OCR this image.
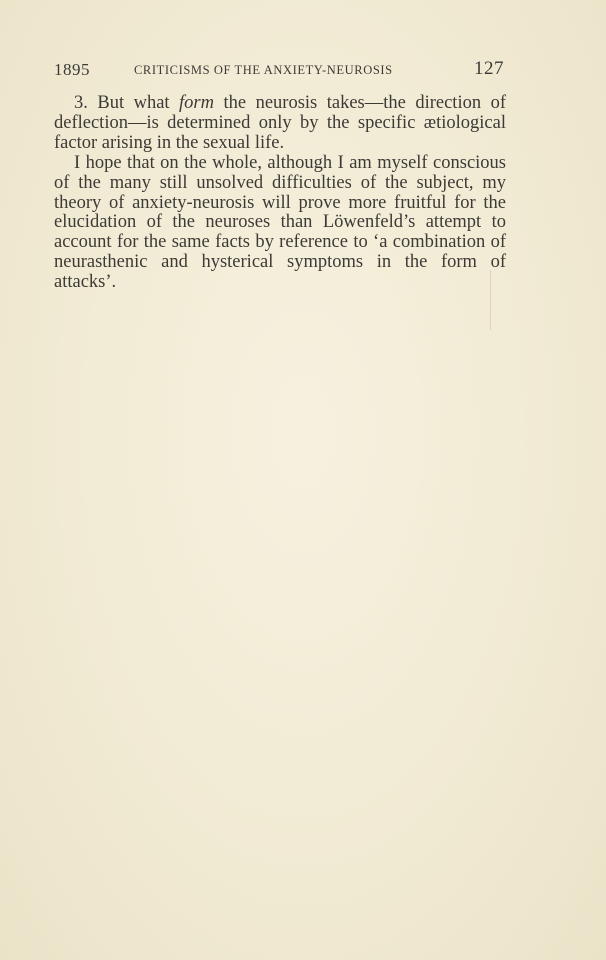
1895	CRITICISMS OF THE ANXIETY-NEUROSIS	127

3. But what form the neurosis takes—the direction of deflection—is determined only by the specific ætiological factor arising in the sexual life.

I hope that on the whole, although I am myself conscious of the many still unsolved difficulties of the subject, my theory of anxiety-neurosis will prove more fruitful for the elucidation of the neuroses than Löwenfeld’s attempt to account for the same facts by reference to ‘a combination of neurasthenic and hysterical symptoms in the form of attacks’.
